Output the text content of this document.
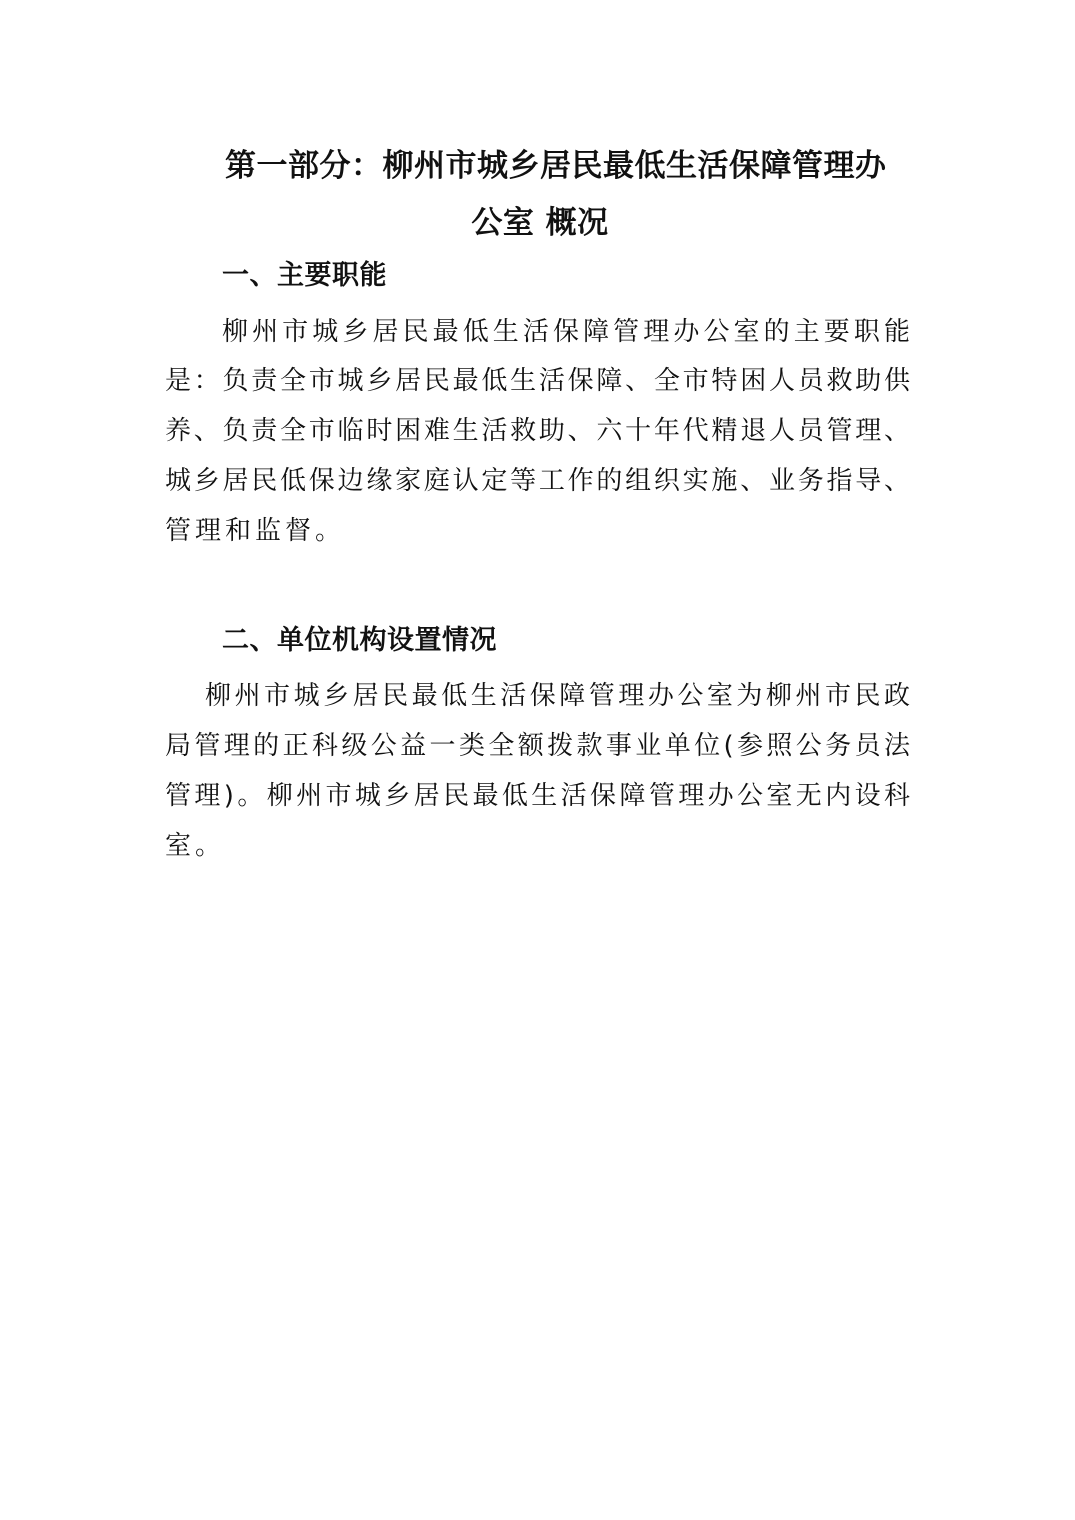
第一部分：柳州市城乡居民最低生活保障管理办
公室 概况
一、主要职能

柳州市城乡居民最低生活保障管理办公室的主要职能

是：负责全市城乡居民最低生活保障、全市特困人员救助供

养、负责全市临时困难生活救助、六十年代精退人员管理、

城乡居民低保边缘家庭认定等工作的组织实施、业务指导、

管理和监督。

二、单位机构设置情况

柳州市城乡居民最低生活保障管理办公室为柳州市民政

局管理的正科级公益一类全额拨款事业单位(参照公务员法

管理)。柳州市城乡居民最低生活保障管理办公室无内设科

室。
